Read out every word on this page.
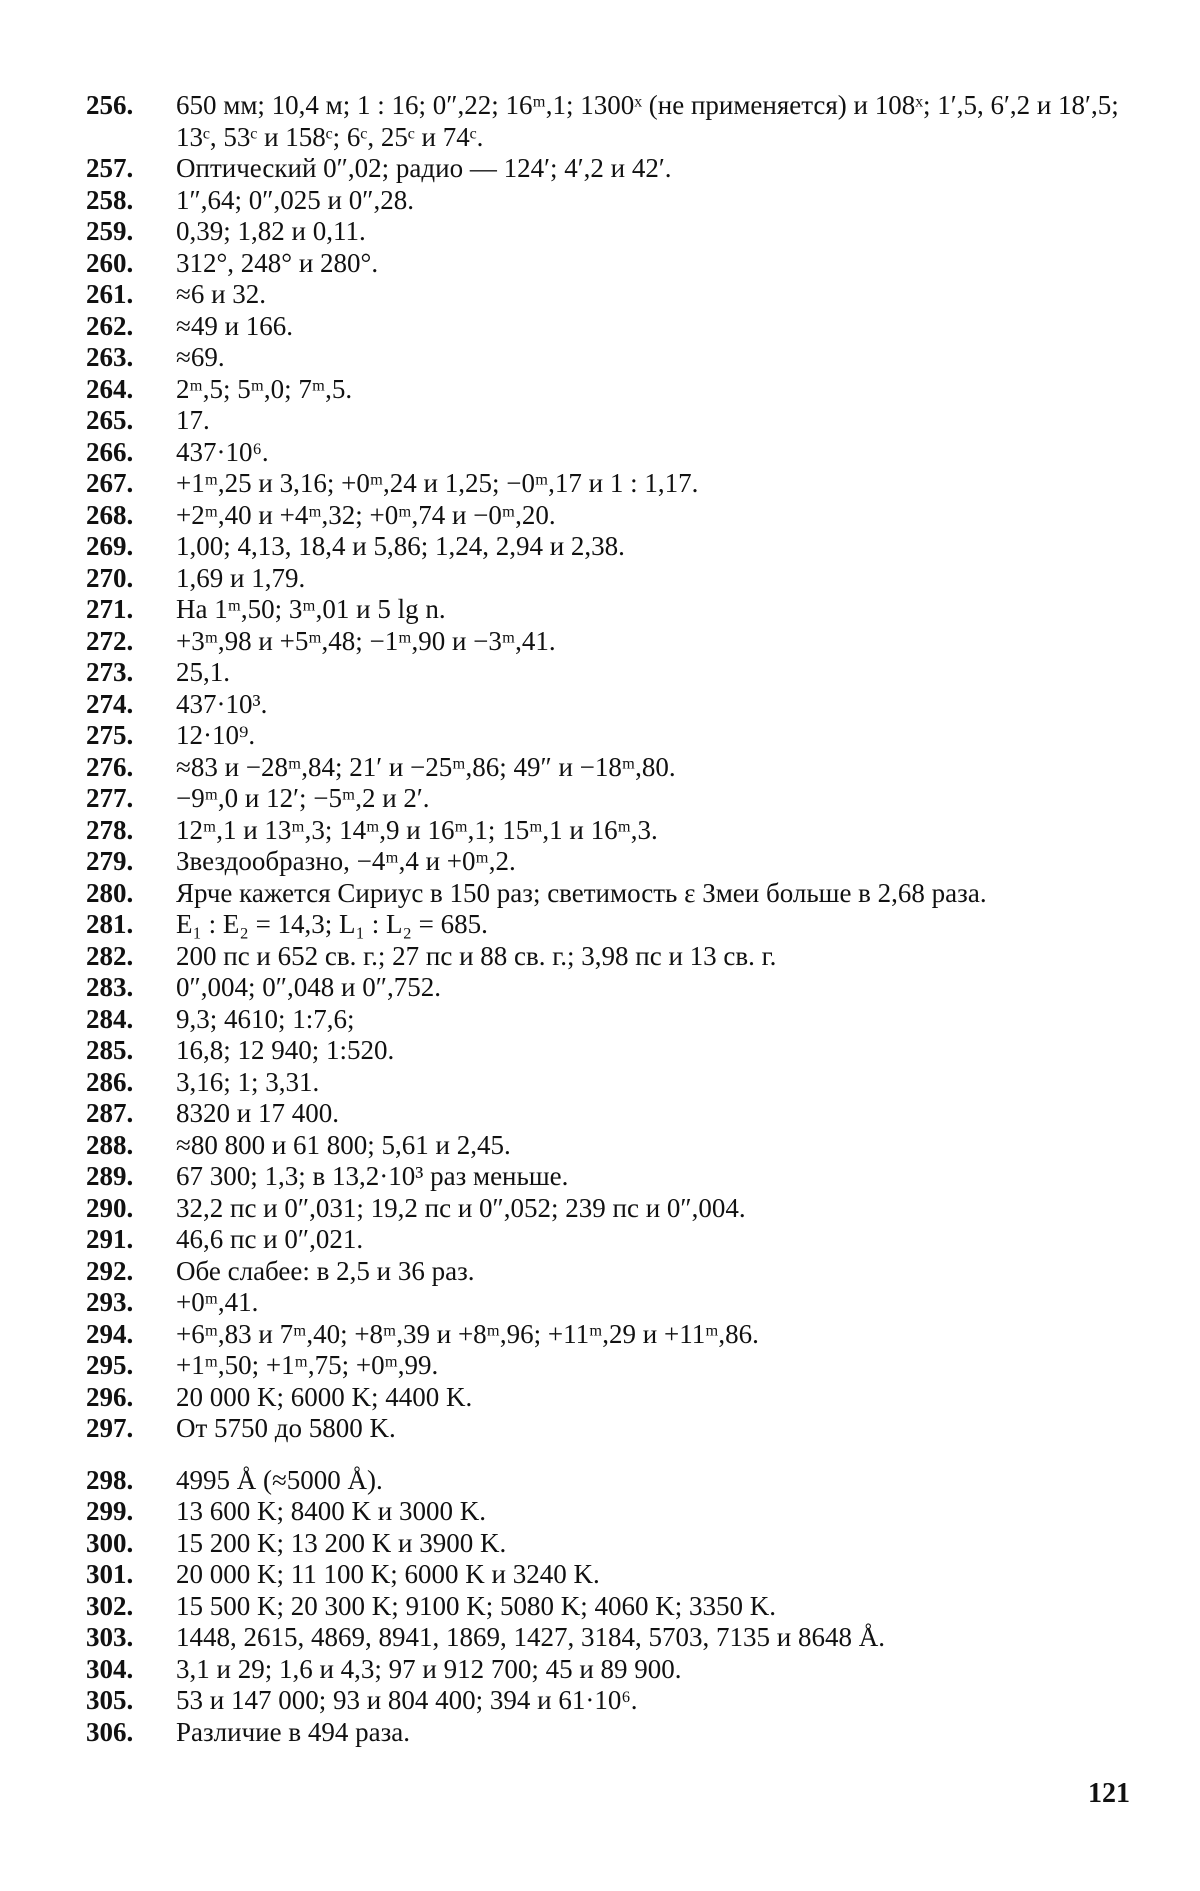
256.	650 мм; 10,4 м; 1 : 16; 0″,22; 16ᵐ,1; 1300ˣ (не применяется) и 108ˣ; 1′,5, 6′,2 и 18′,5; 13ᶜ, 53ᶜ и 158ᶜ; 6ᶜ, 25ᶜ и 74ᶜ.
257.	Оптический 0″,02; радио — 124′; 4′,2 и 42′.
258.	1″,64; 0″,025 и 0″,28.
259.	0,39; 1,82 и 0,11.
260.	312°, 248° и 280°.
261.	≈6 и 32.
262.	≈49 и 166.
263.	≈69.
264.	2ᵐ,5; 5ᵐ,0; 7ᵐ,5.
265.	17.
266.	437·10⁶.
267.	+1ᵐ,25 и 3,16; +0ᵐ,24 и 1,25; −0ᵐ,17 и 1 : 1,17.
268.	+2ᵐ,40 и +4ᵐ,32; +0ᵐ,74 и −0ᵐ,20.
269.	1,00; 4,13, 18,4 и 5,86; 1,24, 2,94 и 2,38.
270.	1,69 и 1,79.
271.	На 1ᵐ,50; 3ᵐ,01 и 5 lg n.
272.	+3ᵐ,98 и +5ᵐ,48; −1ᵐ,90 и −3ᵐ,41.
273.	25,1.
274.	437·10³.
275.	12·10⁹.
276.	≈83 и −28ᵐ,84; 21′ и −25ᵐ,86; 49″ и −18ᵐ,80.
277.	−9ᵐ,0 и 12′; −5ᵐ,2 и 2′.
278.	12ᵐ,1 и 13ᵐ,3; 14ᵐ,9 и 16ᵐ,1; 15ᵐ,1 и 16ᵐ,3.
279.	Звездообразно, −4ᵐ,4 и +0ᵐ,2.
280.	Ярче кажется Сириус в 150 раз; светимость ε Змеи больше в 2,68 раза.
281.	E₁ : E₂ = 14,3; L₁ : L₂ = 685.
282.	200 пс и 652 св. г.; 27 пс и 88 св. г.; 3,98 пс и 13 св. г.
283.	0″,004; 0″,048 и 0″,752.
284.	9,3; 4610; 1:7,6;
285.	16,8; 12 940; 1:520.
286.	3,16; 1; 3,31.
287.	8320 и 17 400.
288.	≈80 800 и 61 800; 5,61 и 2,45.
289.	67 300; 1,3; в 13,2·10³ раз меньше.
290.	32,2 пс и 0″,031; 19,2 пс и 0″,052; 239 пс и 0″,004.
291.	46,6 пс и 0″,021.
292.	Обе слабее: в 2,5 и 36 раз.
293.	+0ᵐ,41.
294.	+6ᵐ,83 и 7ᵐ,40; +8ᵐ,39 и +8ᵐ,96; +11ᵐ,29 и +11ᵐ,86.
295.	+1ᵐ,50; +1ᵐ,75; +0ᵐ,99.
296.	20 000 K; 6000 K; 4400 K.
297.	От 5750 до 5800 K.
298.	4995 Å (≈5000 Å).
299.	13 600 K; 8400 K и 3000 K.
300.	15 200 K; 13 200 K и 3900 K.
301.	20 000 K; 11 100 K; 6000 K и 3240 K.
302.	15 500 K; 20 300 K; 9100 K; 5080 K; 4060 K; 3350 K.
303.	1448, 2615, 4869, 8941, 1869, 1427, 3184, 5703, 7135 и 8648 Å.
304.	3,1 и 29; 1,6 и 4,3; 97 и 912 700; 45 и 89 900.
305.	53 и 147 000; 93 и 804 400; 394 и 61·10⁶.
306.	Различие в 494 раза.
121
